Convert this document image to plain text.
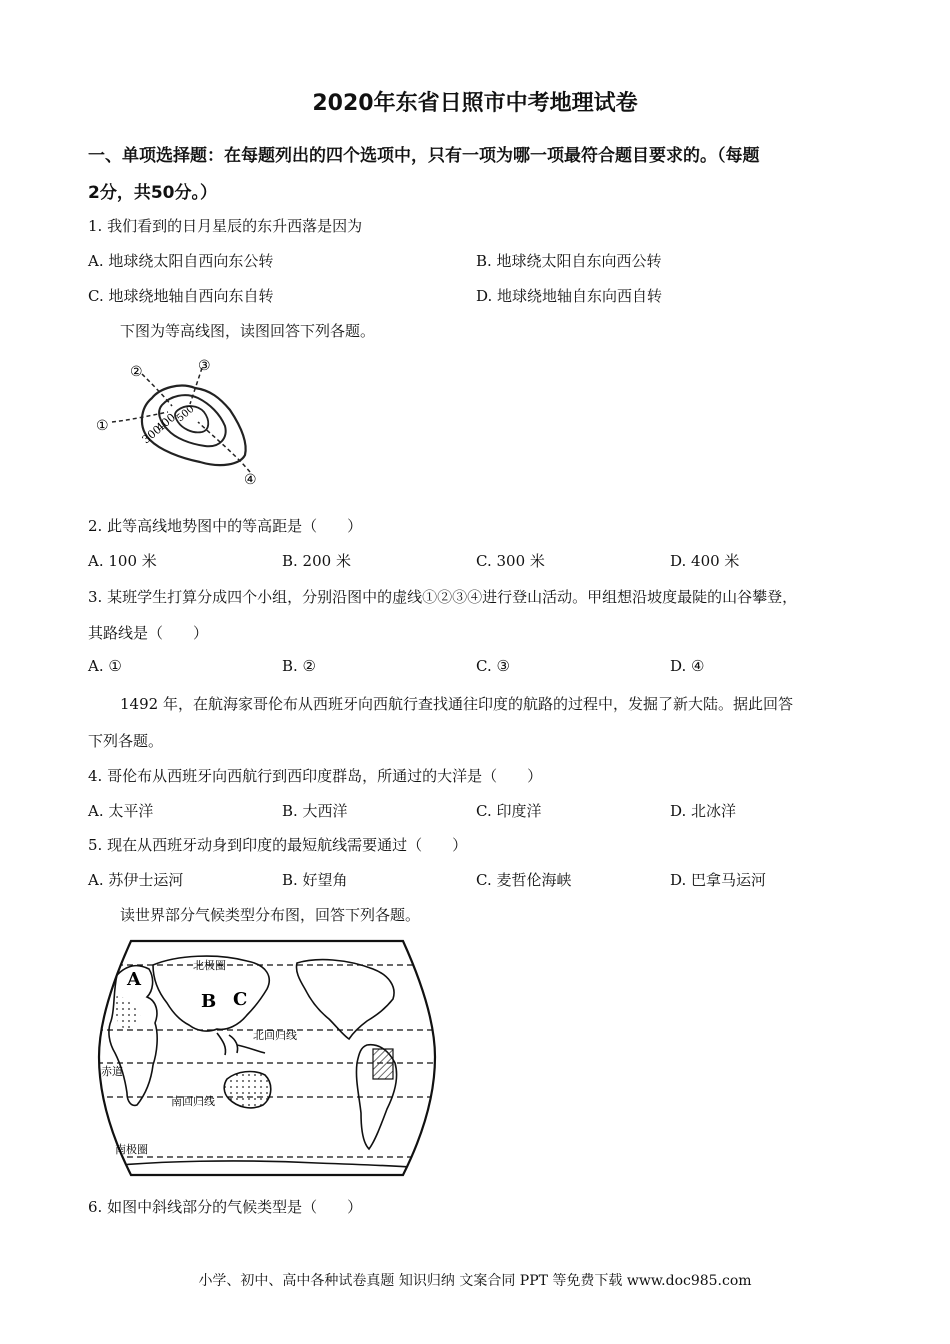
2020年东省日照市中考地理试卷
一、单项选择题：在每题列出的四个选项中，只有一项为哪一项最符合题目要求的。（每题
2分，共50分。）
1. 我们看到的日月星辰的东升西落是因为
A. 地球绕太阳自西向东公转	B. 地球绕太阳自东向西公转
C. 地球绕地轴自西向东自转	D. 地球绕地轴自东向西自转
下图为等高线图，读图回答下列各题。
①
②	③
④
300
400
500
2. 此等高线地势图中的等高距是（　　）
A. 100 米	B. 200 米	C. 300 米	D. 400 米
3. 某班学生打算分成四个小组，分别沿图中的虚线①②③④进行登山活动。甲组想沿坡度最陡的山谷攀登，
其路线是（　　）
A. ①	B. ②	C. ③	D. ④
1492 年，在航海家哥伦布从西班牙向西航行查找通往印度的航路的过程中，发掘了新大陆。据此回答
下列各题。
4. 哥伦布从西班牙向西航行到西印度群岛，所通过的大洋是（　　）
A. 太平洋	B. 大西洋	C. 印度洋	D. 北冰洋
5. 现在从西班牙动身到印度的最短航线需要通过（　　）
A. 苏伊士运河	B. 好望角	C. 麦哲伦海峡	D. 巴拿马运河
读世界部分气候类型分布图，回答下列各题。
A
B C
北极圈
北回归线
赤道
南回归线
南极圈
6. 如图中斜线部分的气候类型是（　　）
小学、初中、高中各种试卷真题 知识归纳 文案合同 PPT 等免费下载 www.doc985.com
